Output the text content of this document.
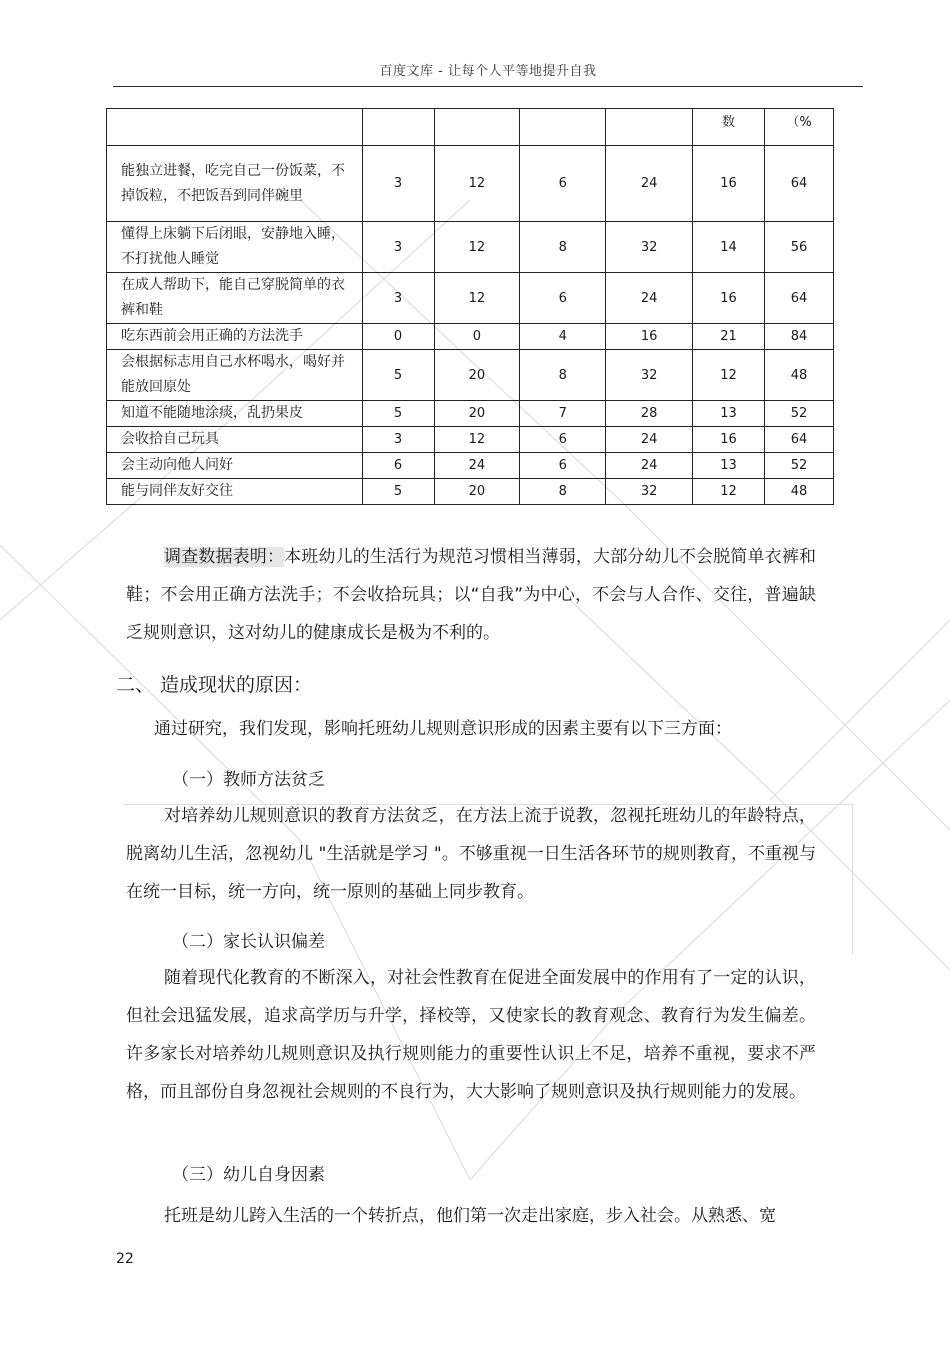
百度文库 - 让每个人平等地提升自我
					数	（%
能独立进餐，吃完自己一份饭菜，不掉饭粒，不把饭吾到同伴碗里	3	12	6	24	16	64
懂得上床躺下后闭眼，安静地入睡，不打扰他人睡觉	3	12	8	32	14	56
在成人帮助下，能自己穿脱简单的衣裤和鞋	3	12	6	24	16	64
吃东西前会用正确的方法洗手	0	0	4	16	21	84
会根据标志用自己水杯喝水，喝好并能放回原处	5	20	8	32	12	48
知道不能随地涂痰，乱扔果皮	5	20	7	28	13	52
会收拾自己玩具	3	12	6	24	16	64
会主动向他人问好	6	24	6	24	13	52
能与同伴友好交往	5	20	8	32	12	48

调查数据表明：本班幼儿的生活行为规范习惯相当薄弱，大部分幼儿不会脱简单衣裤和鞋；不会用正确方法洗手；不会收拾玩具；以“自我”为中心，不会与人合作、交往，普遍缺乏规则意识，这对幼儿的健康成长是极为不利的。

二、 造成现状的原因：

通过研究，我们发现，影响托班幼儿规则意识形成的因素主要有以下三方面：

（一）教师方法贫乏

对培养幼儿规则意识的教育方法贫乏，在方法上流于说教，忽视托班幼儿的年龄特点，脱离幼儿生活，忽视幼儿 "生活就是学习 "。不够重视一日生活各环节的规则教育，不重视与在统一目标，统一方向，统一原则的基础上同步教育。

（二）家长认识偏差

随着现代化教育的不断深入，对社会性教育在促进全面发展中的作用有了一定的认识，但社会迅猛发展，追求高学历与升学，择校等，又使家长的教育观念、教育行为发生偏差。许多家长对培养幼儿规则意识及执行规则能力的重要性认识上不足，培养不重视，要求不严格，而且部份自身忽视社会规则的不良行为，大大影响了规则意识及执行规则能力的发展。

（三）幼儿自身因素

托班是幼儿跨入生活的一个转折点，他们第一次走出家庭，步入社会。从熟悉、宽

22
